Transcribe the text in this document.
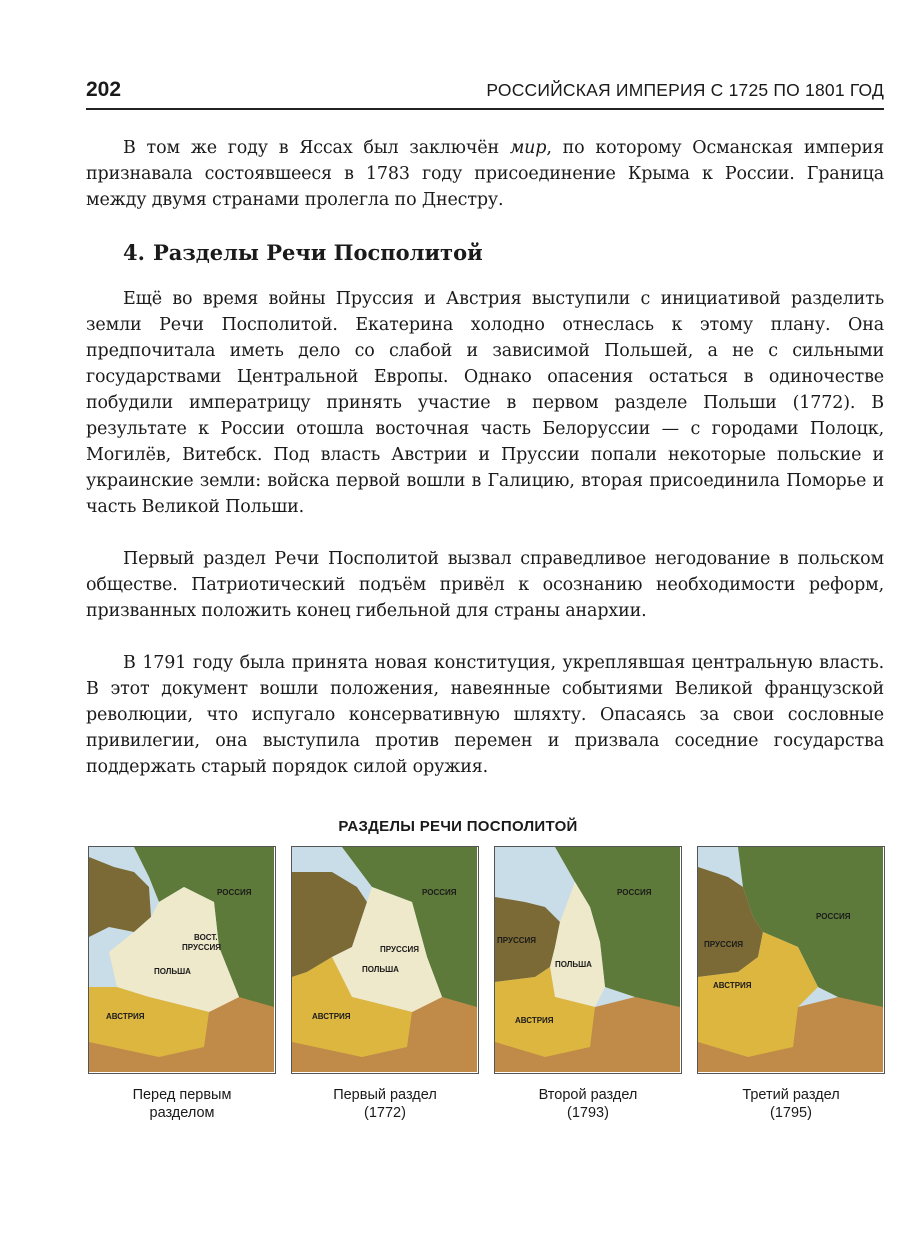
202	РОССИЙСКАЯ ИМПЕРИЯ С 1725 ПО 1801 ГОД

В том же году в Яссах был заключён мир, по которому Османская империя признавала состоявшееся в 1783 году присоединение Крыма к России. Граница между двумя странами пролегла по Днестру.

4. Разделы Речи Посполитой

Ещё во время войны Пруссия и Австрия выступили с инициативой разделить земли Речи Посполитой. Екатерина холодно отнеслась к этому плану. Она предпочитала иметь дело со слабой и зависимой Польшей, а не с сильными государствами Центральной Европы. Однако опасения остаться в одиночестве побудили императрицу принять участие в первом разделе Польши (1772). В результате к России отошла восточная часть Белоруссии — с городами Полоцк, Могилёв, Витебск. Под власть Австрии и Пруссии попали некоторые польские и украинские земли: войска первой вошли в Галицию, вторая присоединила Поморье и часть Великой Польши.

Первый раздел Речи Посполитой вызвал справедливое негодование в польском обществе. Патриотический подъём привёл к осознанию необходимости реформ, призванных положить конец гибельной для страны анархии.

В 1791 году была принята новая конституция, укреплявшая центральную власть. В этот документ вошли положения, навеянные событиями Великой французской революции, что испугало консервативную шляхту. Опасаясь за свои сословные привилегии, она выступила против перемен и призвала соседние государства поддержать старый порядок силой оружия.

РАЗДЕЛЫ РЕЧИ ПОСПОЛИТОЙ
РОССИЯ
ВОСТ.
ПРУССИЯ
ПОЛЬША
АВСТРИЯ
РОССИЯ
ПРУССИЯ
ПОЛЬША
АВСТРИЯ
РОССИЯ
ПРУССИЯ
ПОЛЬША
АВСТРИЯ
РОССИЯ
ПРУССИЯ
АВСТРИЯ
Перед первым
разделом
Первый раздел
(1772)
Второй раздел
(1793)
Третий раздел
(1795)
